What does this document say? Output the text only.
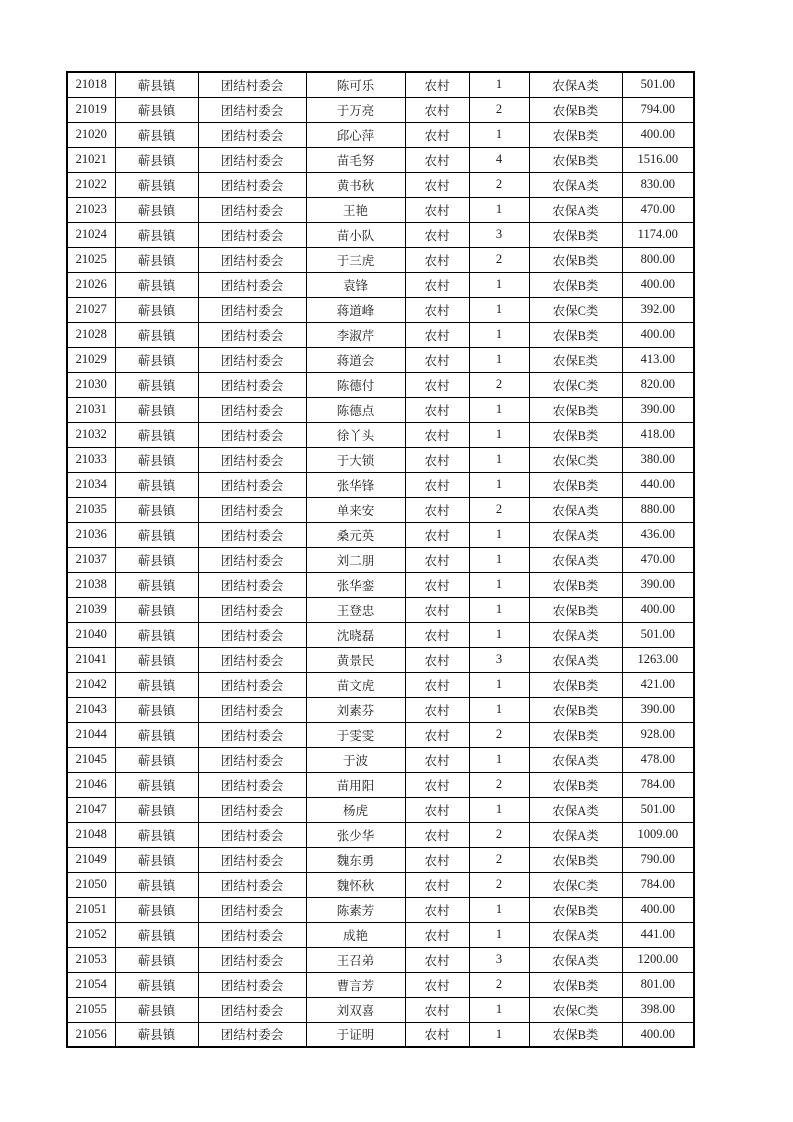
21018	蕲县镇	团结村委会	陈可乐	农村	1	农保A类	501.00
21019	蕲县镇	团结村委会	于万亮	农村	2	农保B类	794.00
21020	蕲县镇	团结村委会	邱心萍	农村	1	农保B类	400.00
21021	蕲县镇	团结村委会	苗毛努	农村	4	农保B类	1516.00
21022	蕲县镇	团结村委会	黄书秋	农村	2	农保A类	830.00
21023	蕲县镇	团结村委会	王艳	农村	1	农保A类	470.00
21024	蕲县镇	团结村委会	苗小队	农村	3	农保B类	1174.00
21025	蕲县镇	团结村委会	于三虎	农村	2	农保B类	800.00
21026	蕲县镇	团结村委会	袁锋	农村	1	农保B类	400.00
21027	蕲县镇	团结村委会	蒋道峰	农村	1	农保C类	392.00
21028	蕲县镇	团结村委会	李淑芹	农村	1	农保B类	400.00
21029	蕲县镇	团结村委会	蒋道会	农村	1	农保E类	413.00
21030	蕲县镇	团结村委会	陈德付	农村	2	农保C类	820.00
21031	蕲县镇	团结村委会	陈德点	农村	1	农保B类	390.00
21032	蕲县镇	团结村委会	徐丫头	农村	1	农保B类	418.00
21033	蕲县镇	团结村委会	于大锁	农村	1	农保C类	380.00
21034	蕲县镇	团结村委会	张华锋	农村	1	农保B类	440.00
21035	蕲县镇	团结村委会	单来安	农村	2	农保A类	880.00
21036	蕲县镇	团结村委会	桑元英	农村	1	农保A类	436.00
21037	蕲县镇	团结村委会	刘二朋	农村	1	农保A类	470.00
21038	蕲县镇	团结村委会	张华銮	农村	1	农保B类	390.00
21039	蕲县镇	团结村委会	王登忠	农村	1	农保B类	400.00
21040	蕲县镇	团结村委会	沈晓磊	农村	1	农保A类	501.00
21041	蕲县镇	团结村委会	黄景民	农村	3	农保A类	1263.00
21042	蕲县镇	团结村委会	苗文虎	农村	1	农保B类	421.00
21043	蕲县镇	团结村委会	刘素芬	农村	1	农保B类	390.00
21044	蕲县镇	团结村委会	于雯雯	农村	2	农保B类	928.00
21045	蕲县镇	团结村委会	于波	农村	1	农保A类	478.00
21046	蕲县镇	团结村委会	苗用阳	农村	2	农保B类	784.00
21047	蕲县镇	团结村委会	杨虎	农村	1	农保A类	501.00
21048	蕲县镇	团结村委会	张少华	农村	2	农保A类	1009.00
21049	蕲县镇	团结村委会	魏东勇	农村	2	农保B类	790.00
21050	蕲县镇	团结村委会	魏怀秋	农村	2	农保C类	784.00
21051	蕲县镇	团结村委会	陈素芳	农村	1	农保B类	400.00
21052	蕲县镇	团结村委会	成艳	农村	1	农保A类	441.00
21053	蕲县镇	团结村委会	王召弟	农村	3	农保A类	1200.00
21054	蕲县镇	团结村委会	曹言芳	农村	2	农保B类	801.00
21055	蕲县镇	团结村委会	刘双喜	农村	1	农保C类	398.00
21056	蕲县镇	团结村委会	于证明	农村	1	农保B类	400.00
